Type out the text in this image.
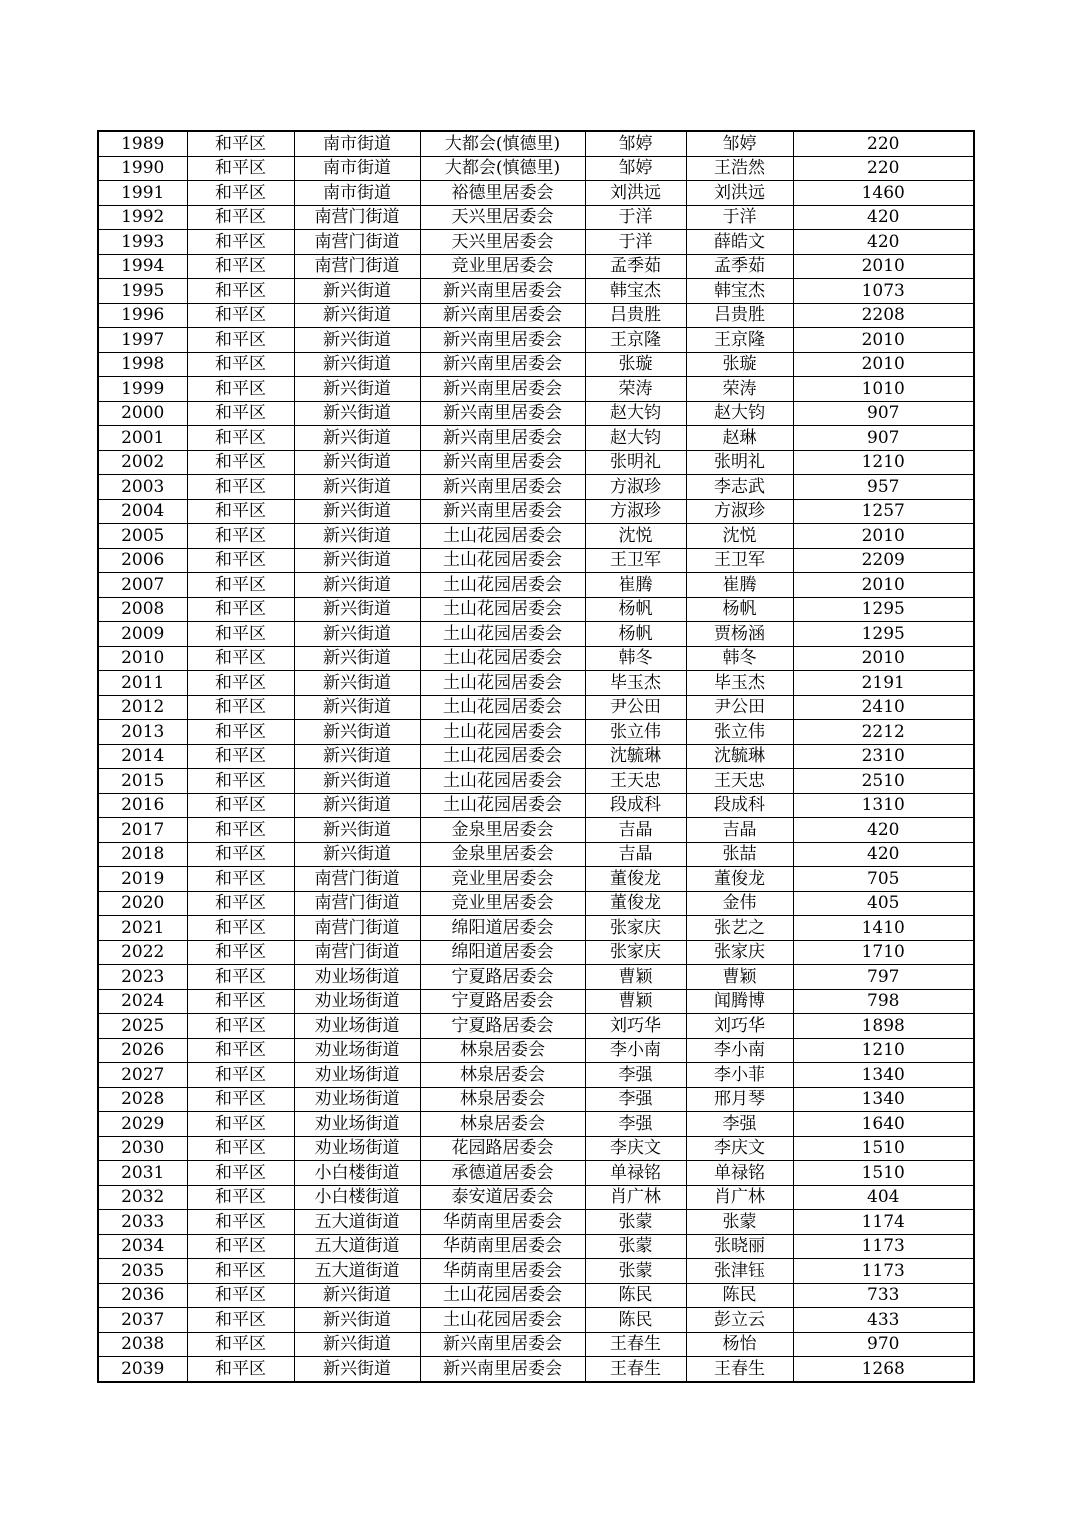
1989	和平区	南市街道	大都会(慎德里)	邹婷	邹婷	220
1990	和平区	南市街道	大都会(慎德里)	邹婷	王浩然	220
1991	和平区	南市街道	裕德里居委会	刘洪远	刘洪远	1460
1992	和平区	南营门街道	天兴里居委会	于洋	于洋	420
1993	和平区	南营门街道	天兴里居委会	于洋	薛皓文	420
1994	和平区	南营门街道	竞业里居委会	孟季茹	孟季茹	2010
1995	和平区	新兴街道	新兴南里居委会	韩宝杰	韩宝杰	1073
1996	和平区	新兴街道	新兴南里居委会	吕贵胜	吕贵胜	2208
1997	和平区	新兴街道	新兴南里居委会	王京隆	王京隆	2010
1998	和平区	新兴街道	新兴南里居委会	张璇	张璇	2010
1999	和平区	新兴街道	新兴南里居委会	荣涛	荣涛	1010
2000	和平区	新兴街道	新兴南里居委会	赵大钧	赵大钧	907
2001	和平区	新兴街道	新兴南里居委会	赵大钧	赵琳	907
2002	和平区	新兴街道	新兴南里居委会	张明礼	张明礼	1210
2003	和平区	新兴街道	新兴南里居委会	方淑珍	李志武	957
2004	和平区	新兴街道	新兴南里居委会	方淑珍	方淑珍	1257
2005	和平区	新兴街道	土山花园居委会	沈悦	沈悦	2010
2006	和平区	新兴街道	土山花园居委会	王卫军	王卫军	2209
2007	和平区	新兴街道	土山花园居委会	崔腾	崔腾	2010
2008	和平区	新兴街道	土山花园居委会	杨帆	杨帆	1295
2009	和平区	新兴街道	土山花园居委会	杨帆	贾杨涵	1295
2010	和平区	新兴街道	土山花园居委会	韩冬	韩冬	2010
2011	和平区	新兴街道	土山花园居委会	毕玉杰	毕玉杰	2191
2012	和平区	新兴街道	土山花园居委会	尹公田	尹公田	2410
2013	和平区	新兴街道	土山花园居委会	张立伟	张立伟	2212
2014	和平区	新兴街道	土山花园居委会	沈毓琳	沈毓琳	2310
2015	和平区	新兴街道	土山花园居委会	王天忠	王天忠	2510
2016	和平区	新兴街道	土山花园居委会	段成科	段成科	1310
2017	和平区	新兴街道	金泉里居委会	吉晶	吉晶	420
2018	和平区	新兴街道	金泉里居委会	吉晶	张喆	420
2019	和平区	南营门街道	竞业里居委会	董俊龙	董俊龙	705
2020	和平区	南营门街道	竞业里居委会	董俊龙	金伟	405
2021	和平区	南营门街道	绵阳道居委会	张家庆	张艺之	1410
2022	和平区	南营门街道	绵阳道居委会	张家庆	张家庆	1710
2023	和平区	劝业场街道	宁夏路居委会	曹颖	曹颖	797
2024	和平区	劝业场街道	宁夏路居委会	曹颖	闻腾博	798
2025	和平区	劝业场街道	宁夏路居委会	刘巧华	刘巧华	1898
2026	和平区	劝业场街道	林泉居委会	李小南	李小南	1210
2027	和平区	劝业场街道	林泉居委会	李强	李小菲	1340
2028	和平区	劝业场街道	林泉居委会	李强	邢月琴	1340
2029	和平区	劝业场街道	林泉居委会	李强	李强	1640
2030	和平区	劝业场街道	花园路居委会	李庆文	李庆文	1510
2031	和平区	小白楼街道	承德道居委会	单禄铭	单禄铭	1510
2032	和平区	小白楼街道	泰安道居委会	肖广林	肖广林	404
2033	和平区	五大道街道	华荫南里居委会	张蒙	张蒙	1174
2034	和平区	五大道街道	华荫南里居委会	张蒙	张晓丽	1173
2035	和平区	五大道街道	华荫南里居委会	张蒙	张津钰	1173
2036	和平区	新兴街道	土山花园居委会	陈民	陈民	733
2037	和平区	新兴街道	土山花园居委会	陈民	彭立云	433
2038	和平区	新兴街道	新兴南里居委会	王春生	杨怡	970
2039	和平区	新兴街道	新兴南里居委会	王春生	王春生	1268
